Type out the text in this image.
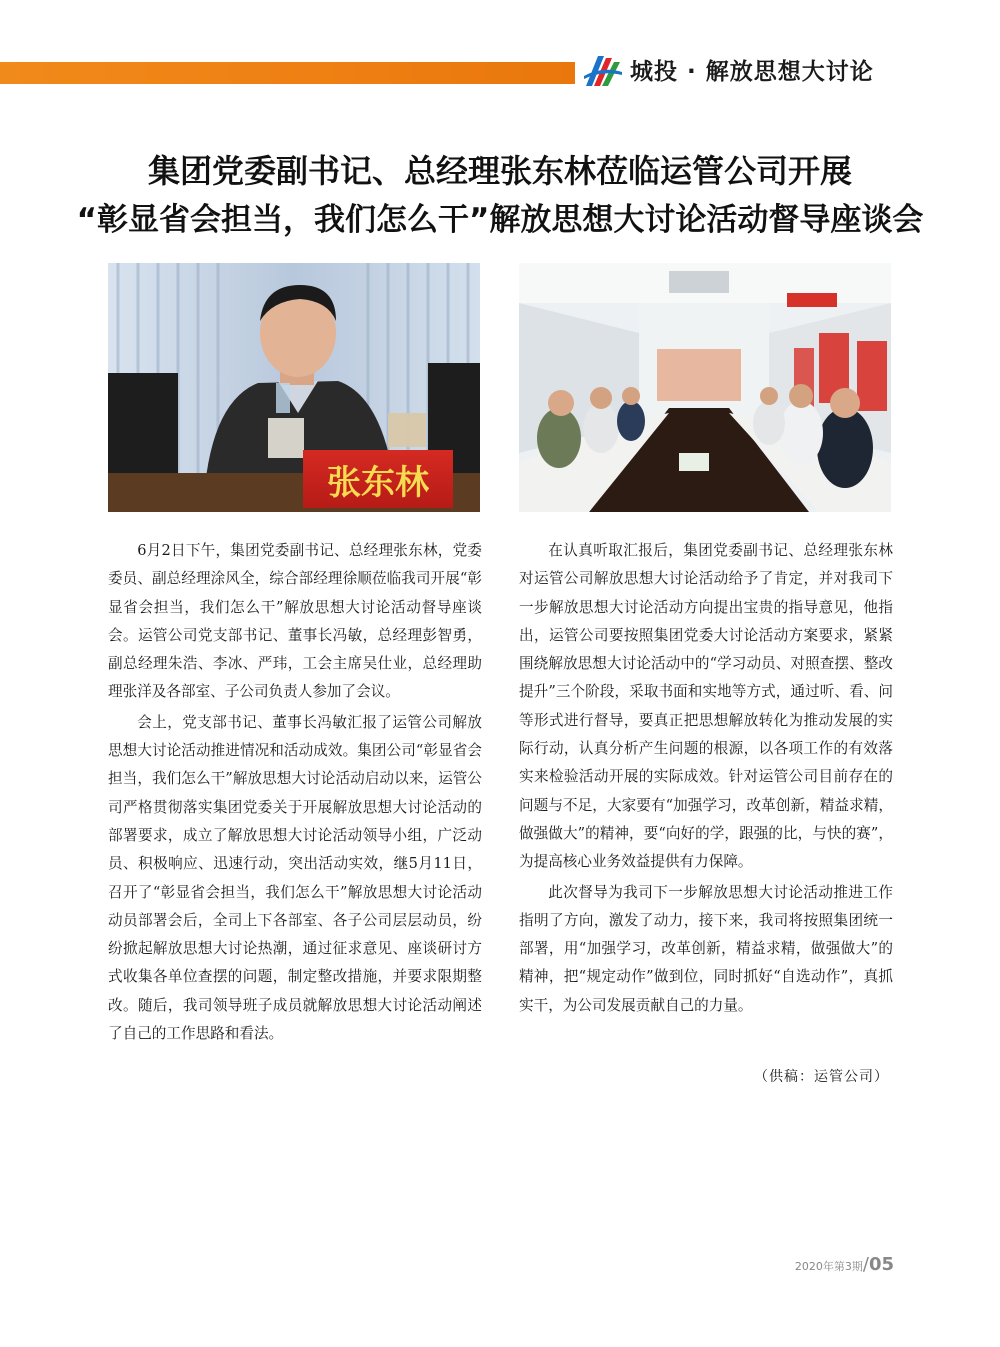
城投 · 解放思想大讨论
集团党委副书记、总经理张东林莅临运管公司开展
“彰显省会担当，我们怎么干”解放思想大讨论活动督导座谈会
张东林

6月2日下午，集团党委副书记、总经理张东林，党委委员、副总经理涂风全，综合部经理徐顺莅临我司开展“彰显省会担当，我们怎么干”解放思想大讨论活动督导座谈会。运管公司党支部书记、董事长冯敏，总经理彭智勇，副总经理朱浩、李冰、严玮，工会主席吴仕业，总经理助理张洋及各部室、子公司负责人参加了会议。

会上，党支部书记、董事长冯敏汇报了运管公司解放思想大讨论活动推进情况和活动成效。集团公司“彰显省会担当，我们怎么干”解放思想大讨论活动启动以来，运管公司严格贯彻落实集团党委关于开展解放思想大讨论活动的部署要求，成立了解放思想大讨论活动领导小组，广泛动员、积极响应、迅速行动，突出活动实效，继5月11日，召开了“彰显省会担当，我们怎么干”解放思想大讨论活动动员部署会后，全司上下各部室、各子公司层层动员，纷纷掀起解放思想大讨论热潮，通过征求意见、座谈研讨方式收集各单位查摆的问题，制定整改措施，并要求限期整改。随后，我司领导班子成员就解放思想大讨论活动阐述了自己的工作思路和看法。

在认真听取汇报后，集团党委副书记、总经理张东林对运管公司解放思想大讨论活动给予了肯定，并对我司下一步解放思想大讨论活动方向提出宝贵的指导意见，他指出，运管公司要按照集团党委大讨论活动方案要求，紧紧围绕解放思想大讨论活动中的“学习动员、对照查摆、整改提升”三个阶段，采取书面和实地等方式，通过听、看、问等形式进行督导，要真正把思想解放转化为推动发展的实际行动，认真分析产生问题的根源，以各项工作的有效落实来检验活动开展的实际成效。针对运管公司目前存在的问题与不足，大家要有“加强学习，改革创新，精益求精，做强做大”的精神，要“向好的学，跟强的比，与快的赛”，为提高核心业务效益提供有力保障。

此次督导为我司下一步解放思想大讨论活动推进工作指明了方向，激发了动力，接下来，我司将按照集团统一部署，用“加强学习，改革创新，精益求精，做强做大”的精神，把“规定动作”做到位，同时抓好“自选动作”，真抓实干，为公司发展贡献自己的力量。

（供稿：运管公司）
2020年第3期/05
